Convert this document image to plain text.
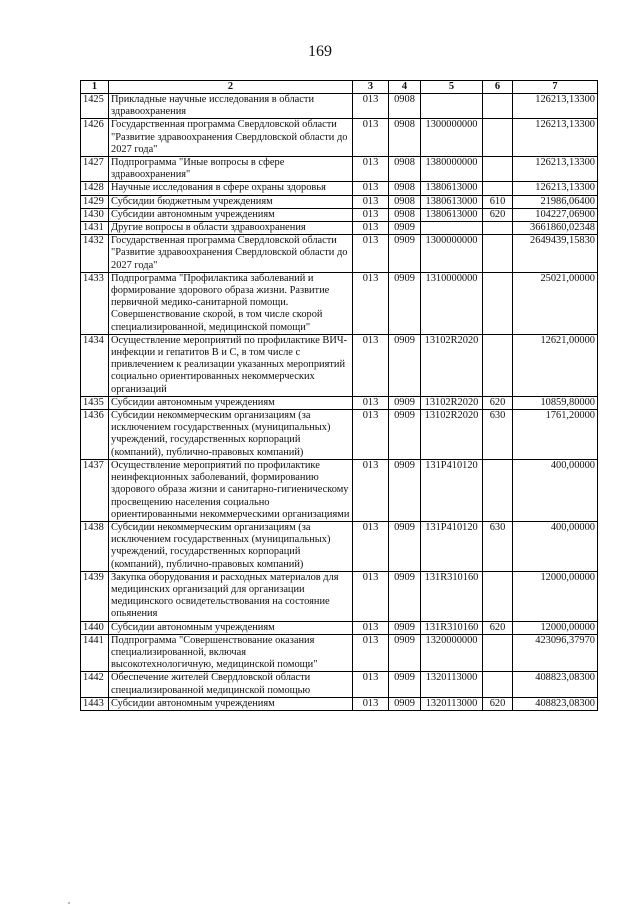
169
1	2	3	4	5	6	7
1425	Прикладные научные исследования в области здравоохранения	013	0908			126213,13300
1426	Государственная программа Свердловской области "Развитие здравоохранения Свердловской области до 2027 года"	013	0908	1300000000		126213,13300
1427	Подпрограмма "Иные вопросы в сфере здравоохранения"	013	0908	1380000000		126213,13300
1428	Научные исследования в сфере охраны здоровья	013	0908	1380613000		126213,13300
1429	Субсидии бюджетным учреждениям	013	0908	1380613000	610	21986,06400
1430	Субсидии автономным учреждениям	013	0908	1380613000	620	104227,06900
1431	Другие вопросы в области здравоохранения	013	0909			3661860,02348
1432	Государственная программа Свердловской области "Развитие здравоохранения Свердловской области до 2027 года"	013	0909	1300000000		2649439,15830
1433	Подпрограмма "Профилактика заболеваний и формирование здорового образа жизни. Развитие первичной медико-санитарной помощи. Совершенствование скорой, в том числе скорой специализированной, медицинской помощи"	013	0909	1310000000		25021,00000
1434	Осуществление мероприятий по профилактике ВИЧ-инфекции и гепатитов В и С, в том числе с привлечением к реализации указанных мероприятий социально ориентированных некоммерческих организаций	013	0909	13102R2020		12621,00000
1435	Субсидии автономным учреждениям	013	0909	13102R2020	620	10859,80000
1436	Субсидии некоммерческим организациям (за исключением государственных (муниципальных) учреждений, государственных корпораций (компаний), публично-правовых компаний)	013	0909	13102R2020	630	1761,20000
1437	Осуществление мероприятий по профилактике неинфекционных заболеваний, формированию здорового образа жизни и санитарно-гигиеническому просвещению населения социально ориентированными некоммерческими организациями	013	0909	131P410120		400,00000
1438	Субсидии некоммерческим организациям (за исключением государственных (муниципальных) учреждений, государственных корпораций (компаний), публично-правовых компаний)	013	0909	131P410120	630	400,00000
1439	Закупка оборудования и расходных материалов для медицинских организаций для организации медицинского освидетельствования на состояние опьянения	013	0909	131R310160		12000,00000
1440	Субсидии автономным учреждениям	013	0909	131R310160	620	12000,00000
1441	Подпрограмма "Совершенствование оказания специализированной, включая высокотехнологичную, медицинской помощи"	013	0909	1320000000		423096,37970
1442	Обеспечение жителей Свердловской области специализированной медицинской помощью	013	0909	1320113000		408823,08300
1443	Субсидии автономным учреждениям	013	0909	1320113000	620	408823,08300
